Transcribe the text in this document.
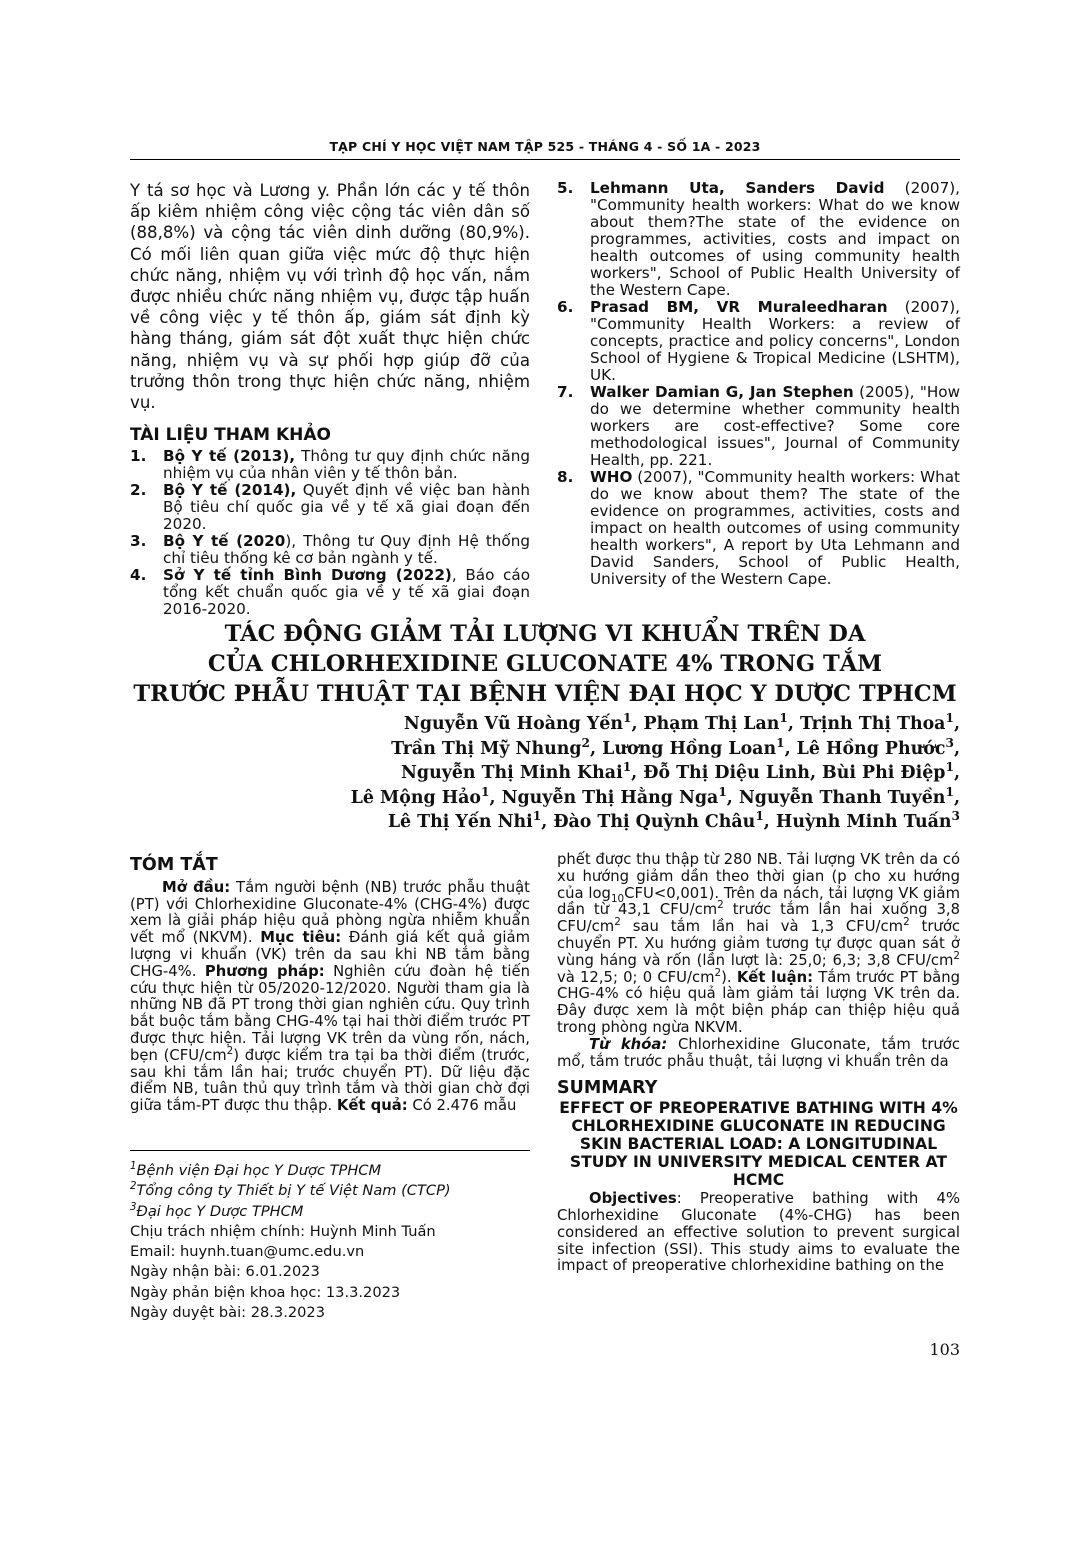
TẠP CHÍ Y HỌC VIỆT NAM TẬP 525 - THÁNG 4 - SỐ 1A - 2023

Y tá sơ học và Lương y. Phần lớn các y tế thôn ấp kiêm nhiệm công việc cộng tác viên dân số (88,8%) và cộng tác viên dinh dưỡng (80,9%). Có mối liên quan giữa việc mức độ thực hiện chức năng, nhiệm vụ với trình độ học vấn, nắm được nhiều chức năng nhiệm vụ, được tập huấn về công việc y tế thôn ấp, giám sát định kỳ hàng tháng, giám sát đột xuất thực hiện chức năng, nhiệm vụ và sự phối hợp giúp đỡ của trưởng thôn trong thực hiện chức năng, nhiệm vụ.

TÀI LIỆU THAM KHẢO
1. Bộ Y tế (2013), Thông tư quy định chức năng nhiệm vụ của nhân viên y tế thôn bản.
2. Bộ Y tế (2014), Quyết định về việc ban hành Bộ tiêu chí quốc gia về y tế xã giai đoạn đến 2020.
3. Bộ Y tế (2020), Thông tư Quy định Hệ thống chỉ tiêu thống kê cơ bản ngành y tế.
4. Sở Y tế tỉnh Bình Dương (2022), Báo cáo tổng kết chuẩn quốc gia về y tế xã giai đoạn 2016-2020.
5. Lehmann Uta, Sanders David (2007), "Community health workers: What do we know about them?The state of the evidence on programmes, activities, costs and impact on health outcomes of using community health workers", School of Public Health University of the Western Cape.
6. Prasad BM, VR Muraleedharan (2007), "Community Health Workers: a review of concepts, practice and policy concerns", London School of Hygiene & Tropical Medicine (LSHTM), UK.
7. Walker Damian G, Jan Stephen (2005), "How do we determine whether community health workers are cost-effective? Some core methodological issues", Journal of Community Health, pp. 221.
8. WHO (2007), "Community health workers: What do we know about them? The state of the evidence on programmes, activities, costs and impact on health outcomes of using community health workers", A report by Uta Lehmann and David Sanders, School of Public Health, University of the Western Cape.
TÁC ĐỘNG GIẢM TẢI LƯỢNG VI KHUẨN TRÊN DA
CỦA CHLORHEXIDINE GLUCONATE 4% TRONG TẮM
TRƯỚC PHẪU THUẬT TẠI BỆNH VIỆN ĐẠI HỌC Y DƯỢC TPHCM
Nguyễn Vũ Hoàng Yến$^1$, Phạm Thị Lan$^1$, Trịnh Thị Thoa$^1$,
Trần Thị Mỹ Nhung$^2$, Lương Hồng Loan$^1$, Lê Hồng Phước$^3$,
Nguyễn Thị Minh Khai$^1$, Đỗ Thị Diệu Linh, Bùi Phi Điệp$^1$,
Lê Mộng Hảo$^1$, Nguyễn Thị Hằng Nga$^1$, Nguyễn Thanh Tuyền$^1$,
Lê Thị Yến Nhi$^1$, Đào Thị Quỳnh Châu$^1$, Huỳnh Minh Tuấn$^3$
TÓM TẮT

Mở đầu: Tắm người bệnh (NB) trước phẫu thuật (PT) với Chlorhexidine Gluconate-4% (CHG-4%) được xem là giải pháp hiệu quả phòng ngừa nhiễm khuẩn vết mổ (NKVM). Mục tiêu: Đánh giá kết quả giảm lượng vi khuẩn (VK) trên da sau khi NB tắm bằng CHG-4%. Phương pháp: Nghiên cứu đoàn hệ tiến cứu thực hiện từ 05/2020-12/2020. Người tham gia là những NB đã PT trong thời gian nghiên cứu. Quy trình bắt buộc tắm bằng CHG-4% tại hai thời điểm trước PT được thực hiện. Tải lượng VK trên da vùng rốn, nách, bẹn $(CFU/cm^2)$ được kiểm tra tại ba thời điểm (trước, sau khi tắm lần hai; trước chuyển PT). Dữ liệu đặc điểm NB, tuân thủ quy trình tắm và thời gian chờ đợi giữa tắm-PT được thu thập. Kết quả: Có 2.476 mẫu

phết được thu thập từ 280 NB. Tải lượng VK trên da có xu hướng giảm dần theo thời gian (p cho xu hướng của $\log_{10}CFU<0,001$). Trên da nách, tải lượng VK giảm dần từ 43,1 CFU/$cm^2$ trước tắm lần hai xuống 3,8 CFU/$cm^2$ sau tắm lần hai và 1,3 CFU/$cm^2$ trước chuyển PT. Xu hướng giảm tương tự được quan sát ở vùng háng và rốn (lần lượt là: 25,0; 6,3; 3,8 CFU/$cm^2$ và 12,5; 0; 0 CFU/$cm^2$). Kết luận: Tắm trước PT bằng CHG-4% có hiệu quả làm giảm tải lượng VK trên da. Đây được xem là một biện pháp can thiệp hiệu quả trong phòng ngừa NKVM.

Từ khóa: Chlorhexidine Gluconate, tắm trước mổ, tắm trước phẫu thuật, tải lượng vi khuẩn trên da

SUMMARY
EFFECT OF PREOPERATIVE BATHING WITH 4% CHLORHEXIDINE GLUCONATE IN REDUCING SKIN BACTERIAL LOAD: A LONGITUDINAL STUDY IN UNIVERSITY MEDICAL CENTER AT HCMC

Objectives: Preoperative bathing with 4% Chlorhexidine Gluconate (4%-CHG) has been considered an effective solution to prevent surgical site infection (SSI). This study aims to evaluate the impact of preoperative chlorhexidine bathing on the

$^1$Bệnh viện Đại học Y Dược TPHCM
$^2$Tổng công ty Thiết bị Y tế Việt Nam (CTCP)
$^3$Đại học Y Dược TPHCM
Chịu trách nhiệm chính: Huỳnh Minh Tuấn
Email: huynh.tuan@umc.edu.vn
Ngày nhận bài: 6.01.2023
Ngày phản biện khoa học: 13.3.2023
Ngày duyệt bài: 28.3.2023
103
